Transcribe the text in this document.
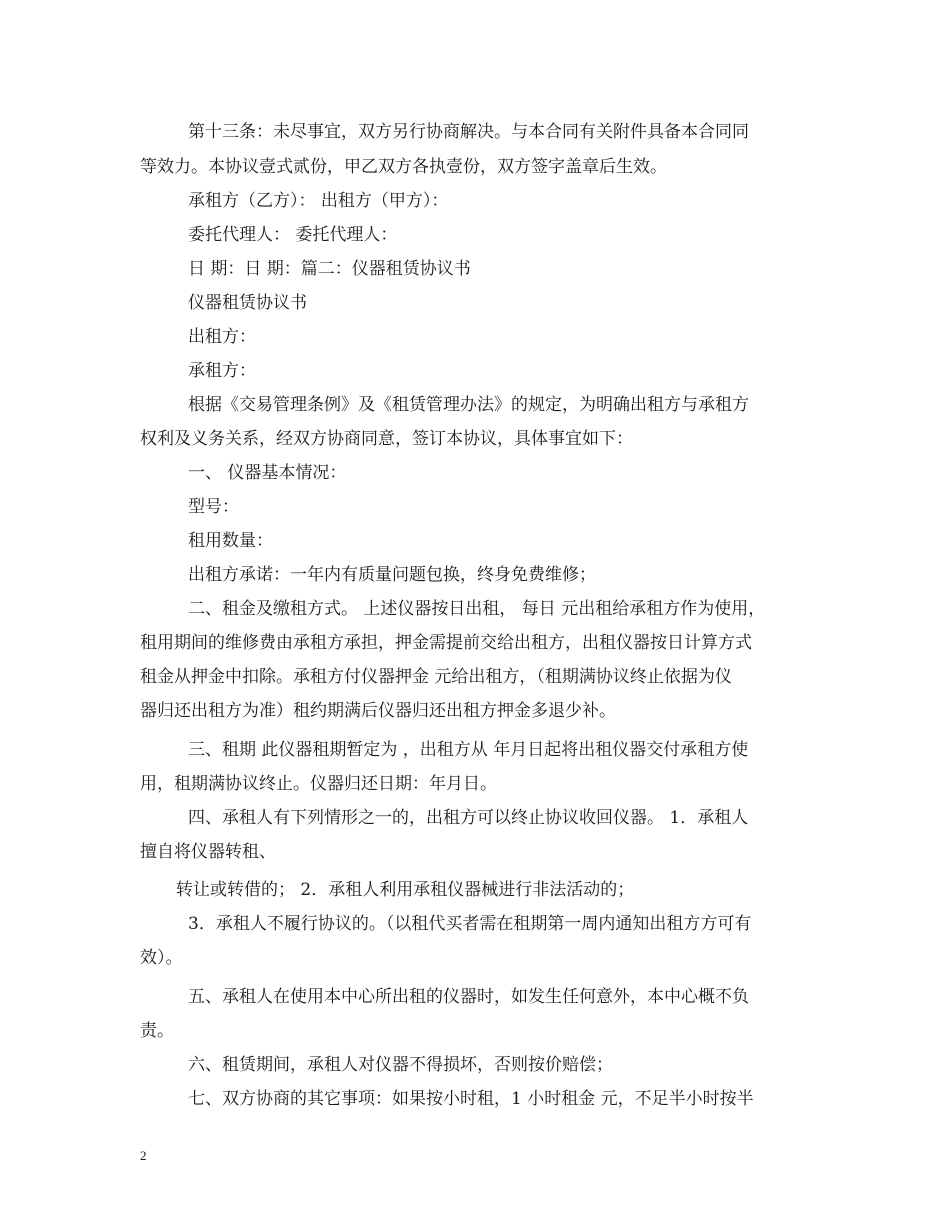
第十三条：未尽事宜，双方另行协商解决。与本合同有关附件具备本合同同
等效力。本协议壹式贰份，甲乙双方各执壹份，双方签字盖章后生效。
承租方（乙方）： 出租方（甲方）：
委托代理人： 委托代理人：
日 期：日 期：篇二：仪器租赁协议书
仪器租赁协议书
出租方：
承租方：
根据《交易管理条例》及《租赁管理办法》的规定，为明确出租方与承租方
权利及义务关系，经双方协商同意，签订本协议，具体事宜如下：
一、 仪器基本情况：
型号：
租用数量：
出租方承诺：一年内有质量问题包换，终身免费维修；
二、租金及缴租方式。 上述仪器按日出租， 每日 元出租给承租方作为使用，
租用期间的维修费由承租方承担，押金需提前交给出租方，出租仪器按日计算方式
租金从押金中扣除。承租方付仪器押金 元给出租方，（租期满协议终止依据为仪
器归还出租方为准）租约期满后仪器归还出租方押金多退少补。
三、租期 此仪器租期暂定为 ，出租方从 年月日起将出租仪器交付承租方使
用，租期满协议终止。仪器归还日期：年月日。
四、承租人有下列情形之一的，出租方可以终止协议收回仪器。 1．承租人
擅自将仪器转租、
转让或转借的； 2．承租人利用承租仪器械进行非法活动的；
3．承租人不履行协议的。（以租代买者需在租期第一周内通知出租方方可有
效）。
五、承租人在使用本中心所出租的仪器时，如发生任何意外，本中心概不负
责。
六、租赁期间，承租人对仪器不得损坏，否则按价赔偿；
七、双方协商的其它事项：如果按小时租，1 小时租金 元，不足半小时按半
2
